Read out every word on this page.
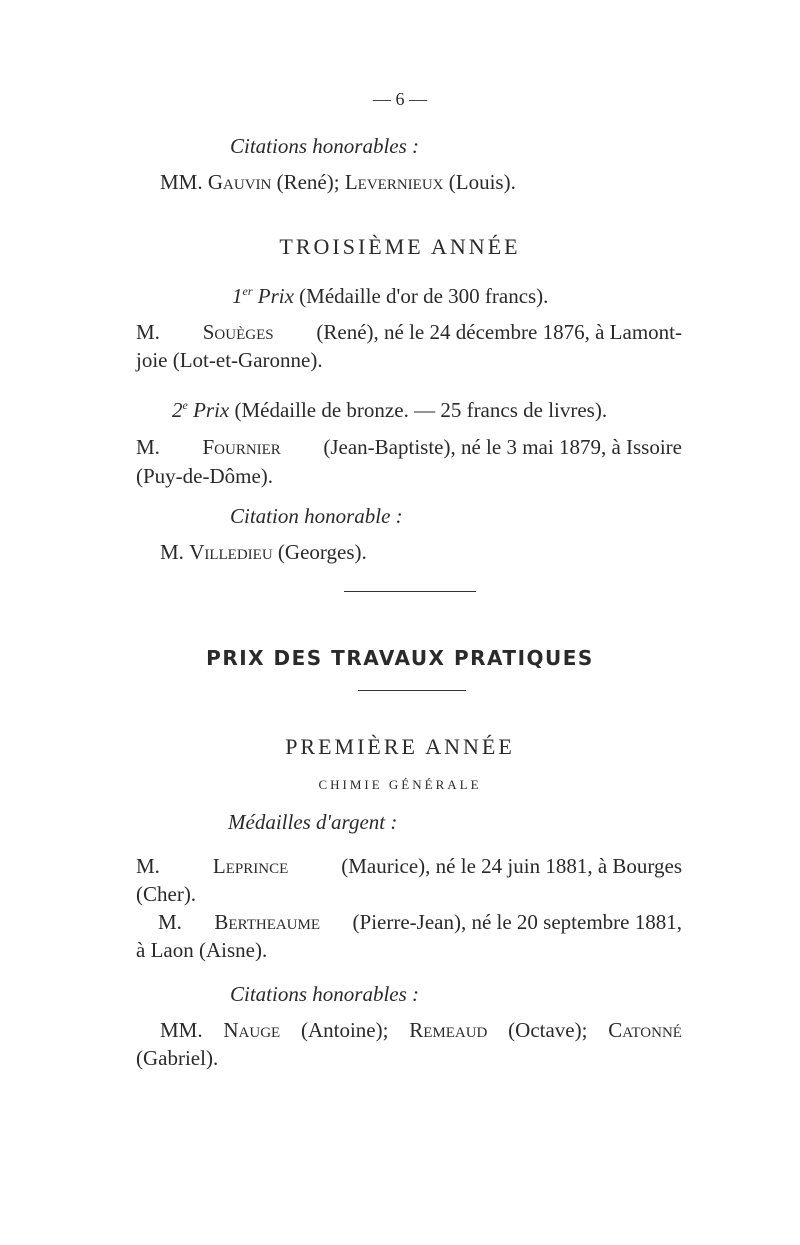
— 6 —
Citations honorables :
MM. Gauvin (René); Levernieux (Louis).
TROISIÈME ANNÉE
1er Prix (Médaille d'or de 300 francs).
M. Souèges (René), né le 24 décembre 1876, à Lamont-
joie (Lot-et-Garonne).
2e Prix (Médaille de bronze. — 25 francs de livres).
M. Fournier (Jean-Baptiste), né le 3 mai 1879, à Issoire
(Puy-de-Dôme).
Citation honorable :
M. Villedieu (Georges).
PRIX DES TRAVAUX PRATIQUES
PREMIÈRE ANNÉE
CHIMIE GÉNÉRALE
Médailles d'argent :
M.	Leprince	(Maurice), né le 24 juin 1881, à Bourges
(Cher).
M. Bertheaume (Pierre-Jean), né le 20 septembre 1881,
à Laon (Aisne).
Citations honorables :
MM. Nauge (Antoine); Remeaud (Octave); Catonné
(Gabriel).
